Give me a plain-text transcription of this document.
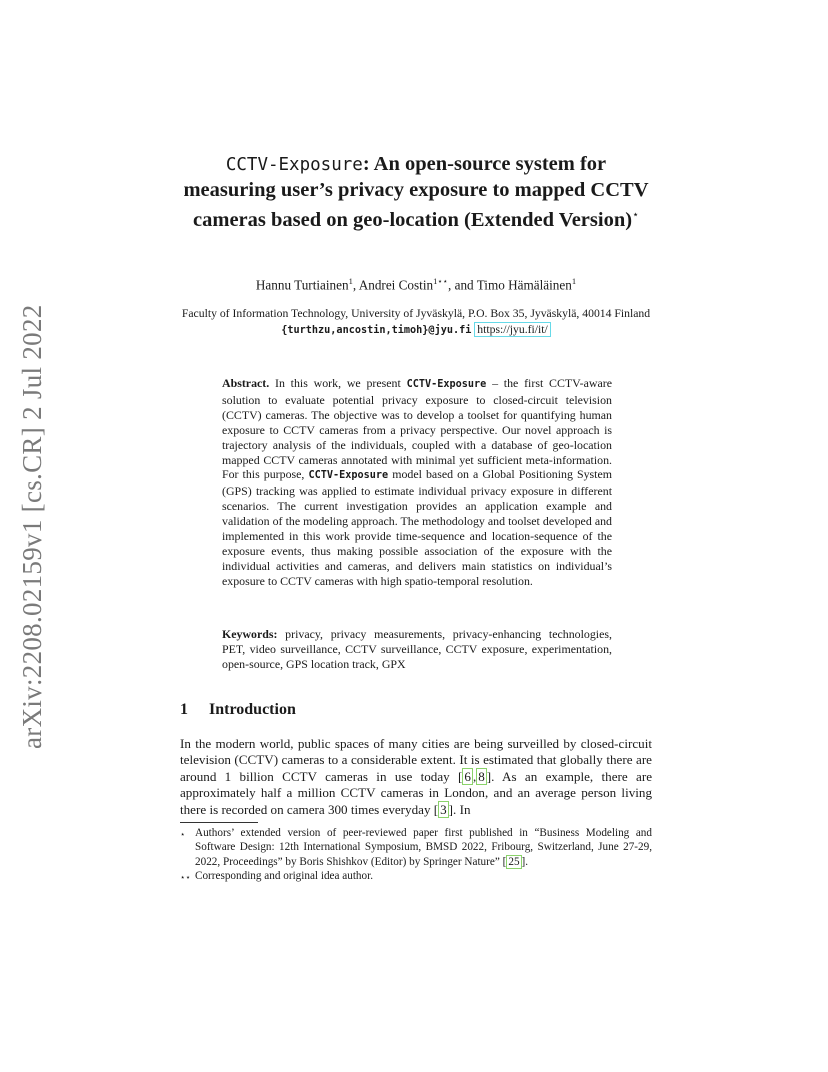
arXiv:2208.02159v1 [cs.CR] 2 Jul 2022
CCTV-Exposure: An open-source system for measuring user’s privacy exposure to mapped CCTV cameras based on geo-location (Extended Version)⋆
Hannu Turtiainen$^1$, Andrei Costin$^{1⋆⋆}$, and Timo Hämäläinen$^1$
Faculty of Information Technology, University of Jyväskylä, P.O. Box 35, Jyväskylä, 40014 Finland {turthzu,ancostin,timoh}@jyu.fi https://jyu.fi/it/
Abstract. In this work, we present CCTV-Exposure – the first CCTV-aware solution to evaluate potential privacy exposure to closed-circuit television (CCTV) cameras. The objective was to develop a toolset for quantifying human exposure to CCTV cameras from a privacy perspective. Our novel approach is trajectory analysis of the individuals, coupled with a database of geo-location mapped CCTV cameras annotated with minimal yet sufficient meta-information. For this purpose, CCTV-Exposure model based on a Global Positioning System (GPS) tracking was applied to estimate individual privacy exposure in different scenarios. The current investigation provides an application example and validation of the modeling approach. The methodology and toolset developed and implemented in this work provide time-sequence and location-sequence of the exposure events, thus making possible association of the exposure with the individual activities and cameras, and delivers main statistics on individual’s exposure to CCTV cameras with high spatio-temporal resolution.
Keywords: privacy, privacy measurements, privacy-enhancing technologies, PET, video surveillance, CCTV surveillance, CCTV exposure, experimentation, open-source, GPS location track, GPX
1 Introduction
In the modern world, public spaces of many cities are being surveilled by closed-circuit television (CCTV) cameras to a considerable extent. It is estimated that globally there are around 1 billion CCTV cameras in use today [ 6 , 8 ]. As an example, there are approximately half a million CCTV cameras in London, and an average person living there is recorded on camera 300 times everyday [ 3 ]. In
⋆ Authors’ extended version of peer-reviewed paper first published in “Business Modeling and Software Design: 12th International Symposium, BMSD 2022, Fribourg, Switzerland, June 27-29, 2022, Proceedings” by Boris Shishkov (Editor) by Springer Nature” [ 25 ].
⋆⋆ Corresponding and original idea author.
